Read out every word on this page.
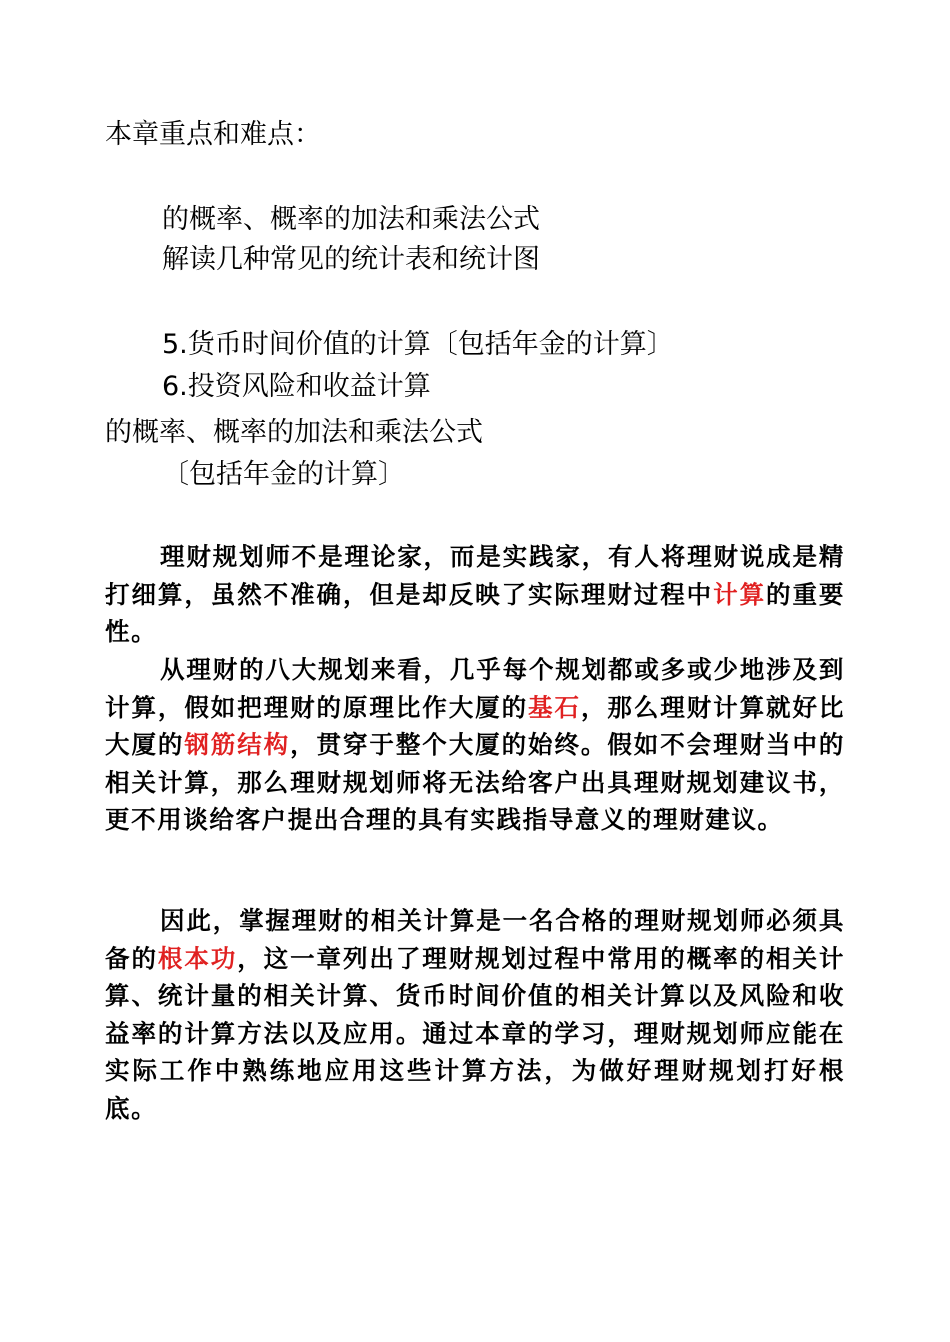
本章重点和难点：
的概率、概率的加法和乘法公式
解读几种常见的统计表和统计图
5.货币时间价值的计算〔包括年金的计算〕
6.投资风险和收益计算
的概率、概率的加法和乘法公式
〔包括年金的计算〕

理财规划师不是理论家，而是实践家，有人将理财说成是精打细算，虽然不准确，但是却反映了实际理财过程中计算的重要性。

从理财的八大规划来看，几乎每个规划都或多或少地涉及到计算，假如把理财的原理比作大厦的基石，那么理财计算就好比大厦的钢筋结构，贯穿于整个大厦的始终。假如不会理财当中的相关计算，那么理财规划师将无法给客户出具理财规划建议书，更不用谈给客户提出合理的具有实践指导意义的理财建议。

因此，掌握理财的相关计算是一名合格的理财规划师必须具备的根本功，这一章列出了理财规划过程中常用的概率的相关计算、统计量的相关计算、货币时间价值的相关计算以及风险和收益率的计算方法以及应用。通过本章的学习，理财规划师应能在实际工作中熟练地应用这些计算方法，为做好理财规划打好根底。
